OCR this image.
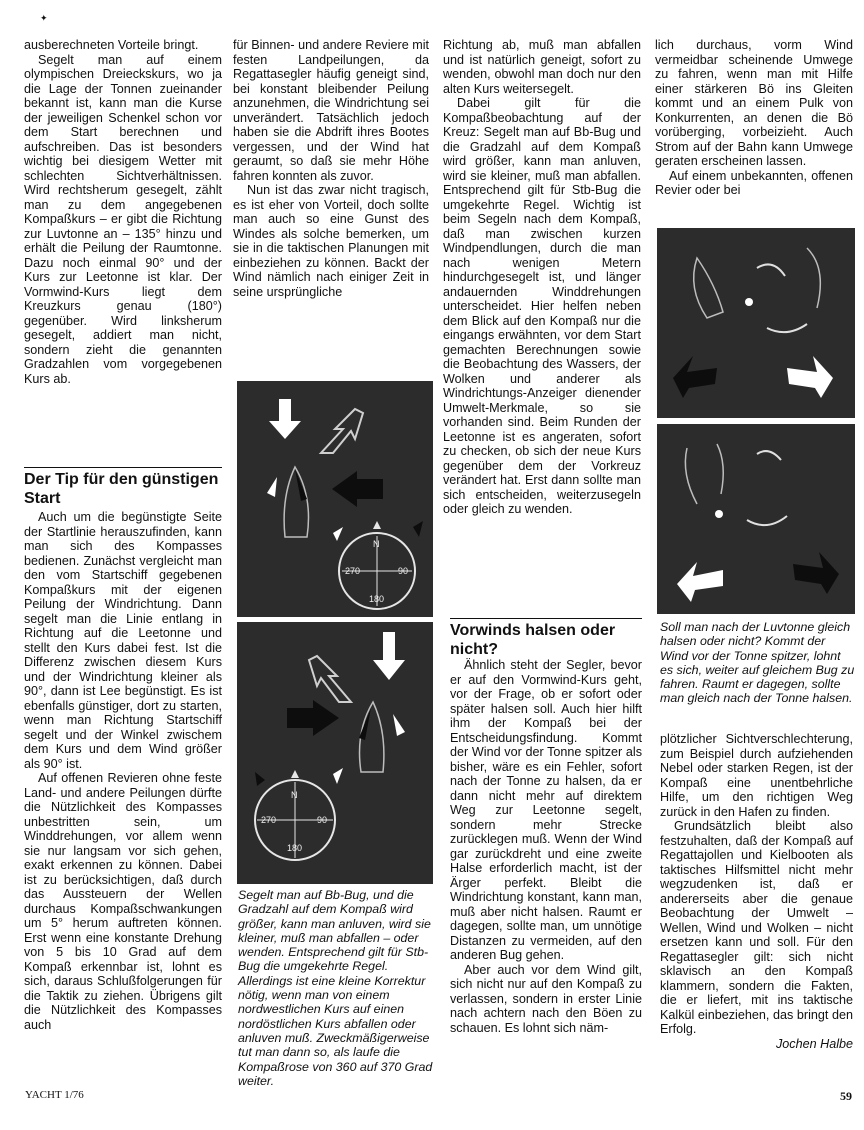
✦

ausberechneten Vorteile bringt.

Segelt man auf einem olympischen Dreieckskurs, wo ja die Lage der Tonnen zueinander bekannt ist, kann man die Kurse der jeweiligen Schenkel schon vor dem Start berechnen und aufschreiben. Das ist besonders wichtig bei diesigem Wetter mit schlechten Sichtverhältnissen. Wird rechtsherum gesegelt, zählt man zu dem angegebenen Kompaßkurs – er gibt die Richtung zur Luvtonne an – 135° hinzu und erhält die Peilung der Raumtonne. Dazu noch einmal 90° und der Kurs zur Leetonne ist klar. Der Vormwind-Kurs liegt dem Kreuzkurs genau (180°) gegenüber. Wird linksherum gesegelt, addiert man nicht, sondern zieht die genannten Gradzahlen vom vorgegebenen Kurs ab.

Der Tip für den günstigen Start

Auch um die begünstigte Seite der Startlinie herauszufinden, kann man sich des Kompasses bedienen. Zunächst vergleicht man den vom Startschiff gegebenen Kompaßkurs mit der eigenen Peilung der Windrichtung. Dann segelt man die Linie entlang in Richtung auf die Leetonne und stellt den Kurs dabei fest. Ist die Differenz zwischen diesem Kurs und der Windrichtung kleiner als 90°, dann ist Lee begünstigt. Es ist ebenfalls günstiger, dort zu starten, wenn man Richtung Startschiff segelt und der Winkel zwischem dem Kurs und dem Wind größer als 90° ist.

Auf offenen Revieren ohne feste Land- und andere Peilungen dürfte die Nützlichkeit des Kompasses unbestritten sein, um Winddrehungen, vor allem wenn sie nur langsam vor sich gehen, exakt erkennen zu können. Dabei ist zu berücksichtigen, daß durch das Aussteuern der Wellen durchaus Kompaßschwankungen um 5° herum auftreten können. Erst wenn eine konstante Drehung von 5 bis 10 Grad auf dem Kompaß erkennbar ist, lohnt es sich, daraus Schlußfolgerungen für die Taktik zu ziehen. Übrigens gilt die Nützlichkeit des Kompasses auch

für Binnen- und andere Reviere mit festen Landpeilungen, da Regattasegler häufig geneigt sind, bei konstant bleibender Peilung anzunehmen, die Windrichtung sei unverändert. Tatsächlich jedoch haben sie die Abdrift ihres Bootes vergessen, und der Wind hat geraumt, so daß sie mehr Höhe fahren konnten als zuvor.

Nun ist das zwar nicht tragisch, es ist eher von Vorteil, doch sollte man auch so eine Gunst des Windes als solche bemerken, um sie in die taktischen Planungen mit einbeziehen zu können. Backt der Wind nämlich nach einiger Zeit in seine ursprüngliche

N
270	90
180
N
270	90
180
Segelt man auf Bb-Bug, und die Gradzahl auf dem Kompaß wird größer, kann man anluven, wird sie kleiner, muß man abfallen – oder wenden. Entsprechend gilt für Stb-Bug die umgekehrte Regel. Allerdings ist eine kleine Korrektur nötig, wenn man von einem nordwestlichen Kurs auf einen nordöstlichen Kurs abfallen oder anluven muß. Zweckmäßigerweise tut man dann so, als laufe die Kompaßrose von 360 auf 370 Grad weiter.

Richtung ab, muß man abfallen und ist natürlich geneigt, sofort zu wenden, obwohl man doch nur den alten Kurs weitersegelt.

Dabei gilt für die Kompaßbeobachtung auf der Kreuz: Segelt man auf Bb-Bug und die Gradzahl auf dem Kompaß wird größer, kann man anluven, wird sie kleiner, muß man abfallen. Entsprechend gilt für Stb-Bug die umgekehrte Regel. Wichtig ist beim Segeln nach dem Kompaß, daß man zwischen kurzen Windpendlungen, durch die man nach wenigen Metern hindurchgesegelt ist, und länger andauernden Winddrehungen unterscheidet. Hier helfen neben dem Blick auf den Kompaß nur die eingangs erwähnten, vor dem Start gemachten Berechnungen sowie die Beobachtung des Wassers, der Wolken und anderer als Windrichtungs-Anzeiger dienender Umwelt-Merkmale, so sie vorhanden sind. Beim Runden der Leetonne ist es angeraten, sofort zu checken, ob sich der neue Kurs gegenüber dem der Vorkreuz verändert hat. Erst dann sollte man sich entscheiden, weiterzusegeln oder gleich zu wenden.

Vorwinds halsen oder nicht?

Ähnlich steht der Segler, bevor er auf den Vormwind-Kurs geht, vor der Frage, ob er sofort oder später halsen soll. Auch hier hilft ihm der Kompaß bei der Entscheidungsfindung. Kommt der Wind vor der Tonne spitzer als bisher, wäre es ein Fehler, sofort nach der Tonne zu halsen, da er dann nicht mehr auf direktem Weg zur Leetonne segelt, sondern mehr Strecke zurücklegen muß. Wenn der Wind gar zurückdreht und eine zweite Halse erforderlich macht, ist der Ärger perfekt. Bleibt die Windrichtung konstant, kann man, muß aber nicht halsen. Raumt er dagegen, sollte man, um unnötige Distanzen zu vermeiden, auf den anderen Bug gehen.

Aber auch vor dem Wind gilt, sich nicht nur auf den Kompaß zu verlassen, sondern in erster Linie nach achtern nach den Böen zu schauen. Es lohnt sich näm-

lich durchaus, vorm Wind vermeidbar scheinende Umwege zu fahren, wenn man mit Hilfe einer stärkeren Bö ins Gleiten kommt und an einem Pulk von Konkurrenten, an denen die Bö vorüberging, vorbeizieht. Auch Strom auf der Bahn kann Umwege geraten erscheinen lassen.

Auf einem unbekannten, offenen Revier oder bei

Soll man nach der Luvtonne gleich halsen oder nicht? Kommt der Wind vor der Tonne spitzer, lohnt es sich, weiter auf gleichem Bug zu fahren. Raumt er dagegen, sollte man gleich nach der Tonne halsen.

plötzlicher Sichtverschlechterung, zum Beispiel durch aufziehenden Nebel oder starken Regen, ist der Kompaß eine unentbehrliche Hilfe, um den richtigen Weg zurück in den Hafen zu finden.

Grundsätzlich bleibt also festzuhalten, daß der Kompaß auf Regattajollen und Kielbooten als taktisches Hilfsmittel nicht mehr wegzudenken ist, daß er andererseits aber die genaue Beobachtung der Umwelt – Wellen, Wind und Wolken – nicht ersetzen kann und soll. Für den Regattasegler gilt: sich nicht sklavisch an den Kompaß klammern, sondern die Fakten, die er liefert, mit ins taktische Kalkül einbeziehen, das bringt den Erfolg.

Jochen Halbe

YACHT 1/76	59
